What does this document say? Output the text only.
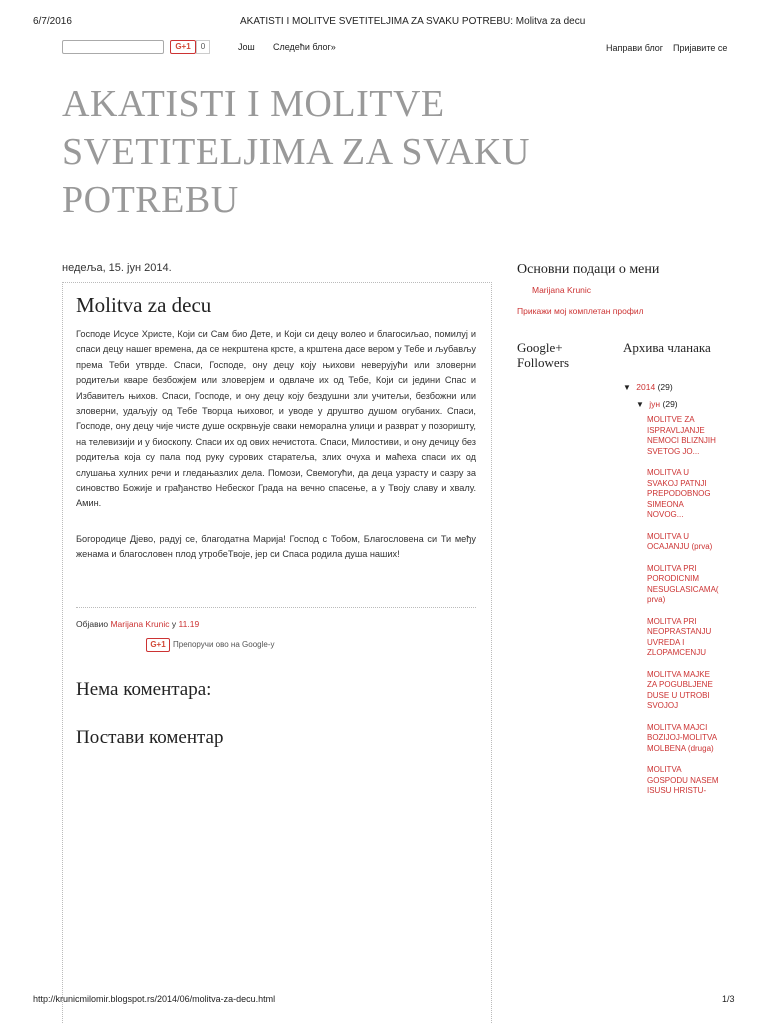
6/7/2016	AKATISTI I MOLITVE SVETITELJIMA ZA SVAKU POTREBU: Molitva za decu
G+1	0	Још Следећи блог»	Направи блог Пријавите се
AKATISTI I MOLITVE SVETITELJIMA ZA SVAKU POTREBU
недеља, 15. јун 2014.
Molitva za decu

Господе Исусе Христе, Који си Сам био Дете, и Који си децу волео и благосиљао, помилуј и спаси децу нашег времена, да се некрштена крсте, а крштена дасе вером у Тебе и љубављу према Теби утврде. Спаси, Господе, ону децу коју њихови неверујући или зловерни родитељи кваре безбожјем или зловерјем и одвлаче их од Тебе, Који си једини Спас и Избавитељ њихов. Спаси, Господе, и ону децу коју бездушни зли учитељи, безбожни или зловерни, удаљују од Тебе Творца њиховог, и уводе у друштво душом огубаних. Спаси, Господе, ону децу чије чисте душе оскрвњује сваки неморална улици и разврат у позоришту, на телевизији и у биоскопу. Спаси их од овиx нечистота. Спаси, Милостиви, и ону дечицу без родитеља која су пала под руку сурових старатеља, злих очуха и маћеха спаси их од слушања хулних речи и гледањазлих дела. Помози, Свемогући, да деца узрасту и сазру за синовство Божије и грађанство Небеског Града на вечно спасење, а у Твоју славу и хвалу. Амин.

Богородице Дјево, радуј се, благодатна Марија! Господ с Тобом, Благословена си Ти међу женама и благословен плод утробеТвоје, јер си Спаса родила душа наших!

Објавио Marijana Krunic у 11.19
G+1 Препоручи ово на Google-у
Нема коментара:
Постави коментар
Основни подаци о мени
Marijana Krunic
Прикажи мој комплетан профил
Google+ Followers
Архива чланака
▼ 2014 (29)
▼ јун (29)
MOLITVE ZA ISPRAVLJANJE NEMOCI BLIZNJIH SVETOG JO...
MOLITVA U SVAKOJ PATNJI PREPODOBNOG SIMEONA NOVOG...
MOLITVA U OCAJANJU (prva)
MOLITVA PRI PORODICNIM NESUGLASICAMA(prva)
MOLITVA PRI NEOPRASTANJU UVREDA I ZLOPAMCENJU
MOLITVA MAJKE ZA POGUBLJENE DUSE U UTROBI SVOJOJ
MOLITVA MAJCI BOZIJOJ-MOLITVA MOLBENA (druga)
MOLITVA GOSPODU NASEM ISUSU HRISTU-
http://krunicmilomir.blogspot.rs/2014/06/molitva-za-decu.html	1/3
